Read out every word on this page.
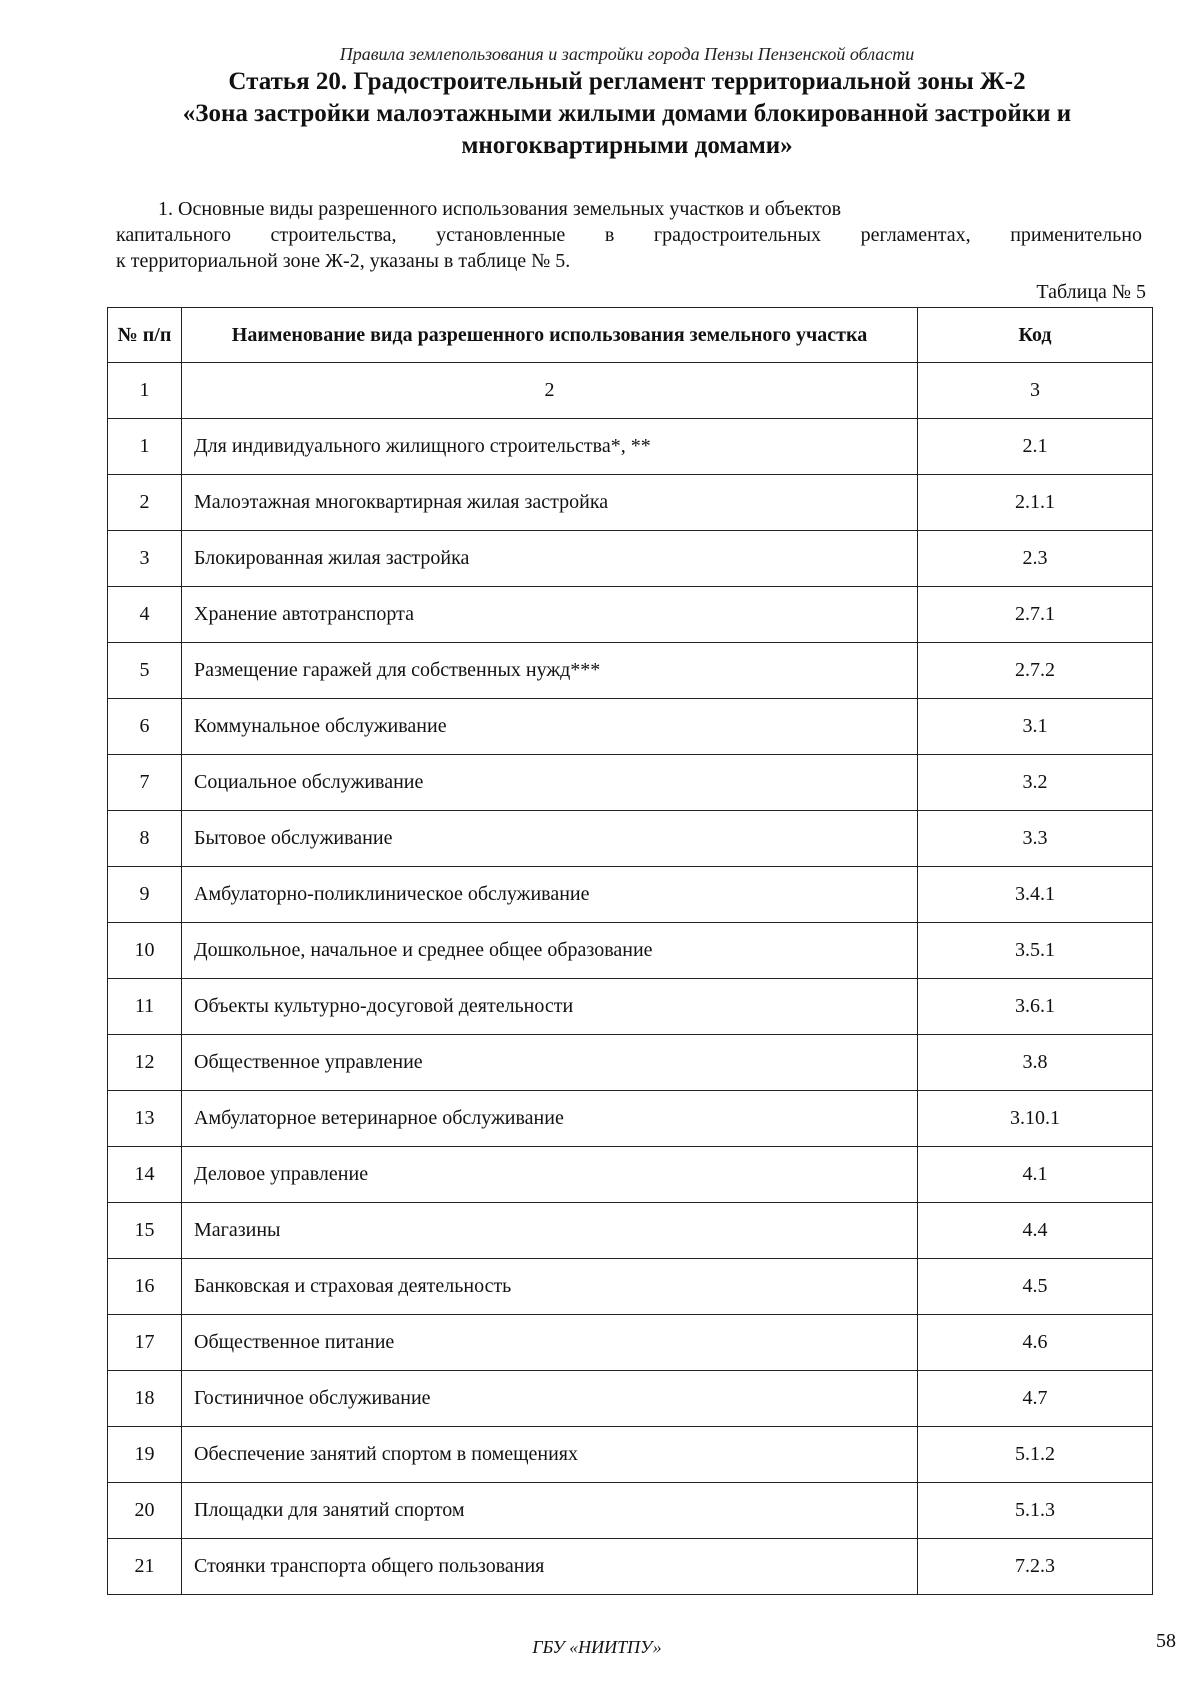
Правила землепользования и застройки города Пензы Пензенской области
Статья 20. Градостроительный регламент территориальной зоны Ж-2
«Зона застройки малоэтажными жилыми домами блокированной застройки и
многоквартирными домами»

1. Основные виды разрешенного использования земельных участков и объектов

капитального строительства, установленные в градостроительных регламентах, применительно
к территориальной зоне Ж-2, указаны в таблице № 5.
Таблица № 5
№ п/п	Наименование вида разрешенного использования земельного участка	Код
1	2	3
1	Для индивидуального жилищного строительства*, **	2.1
2	Малоэтажная многоквартирная жилая застройка	2.1.1
3	Блокированная жилая застройка	2.3
4	Хранение автотранспорта	2.7.1
5	Размещение гаражей для собственных нужд***	2.7.2
6	Коммунальное обслуживание	3.1
7	Социальное обслуживание	3.2
8	Бытовое обслуживание	3.3
9	Амбулаторно-поликлиническое обслуживание	3.4.1
10	Дошкольное, начальное и среднее общее образование	3.5.1
11	Объекты культурно-досуговой деятельности	3.6.1
12	Общественное управление	3.8
13	Амбулаторное ветеринарное обслуживание	3.10.1
14	Деловое управление	4.1
15	Магазины	4.4
16	Банковская и страховая деятельность	4.5
17	Общественное питание	4.6
18	Гостиничное обслуживание	4.7
19	Обеспечение занятий спортом в помещениях	5.1.2
20	Площадки для занятий спортом	5.1.3
21	Стоянки транспорта общего пользования	7.2.3
ГБУ «НИИТПУ»	58
